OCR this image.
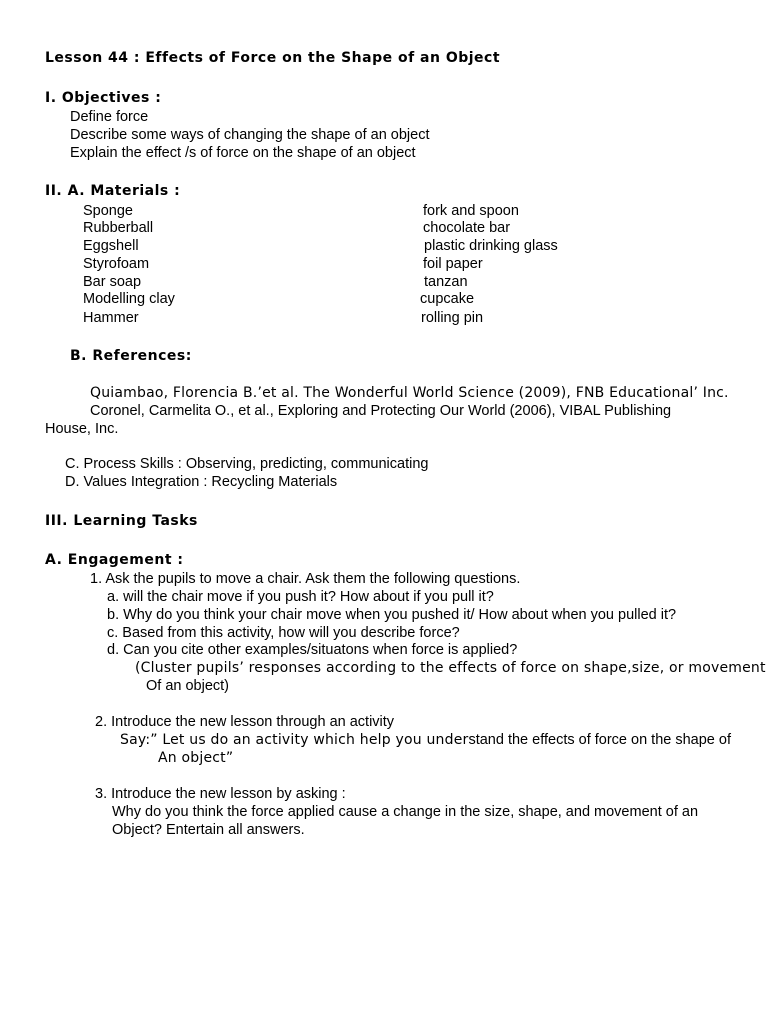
Lesson 44 : Effects of Force on the Shape of an Object
I. Objectives :
Define force
Describe some ways of changing the shape of an object
Explain the effect /s of force on the shape of an object
II. A. Materials :
Sponge
Rubberball
Eggshell
Styrofoam
Bar soap
Modelling clay
Hammer
fork and spoon
chocolate bar
plastic drinking glass
foil paper
tanzan
cupcake
rolling pin
B. References:
Quiambao, Florencia B.’et al. The Wonderful World Science (2009), FNB Educational’ Inc.
Coronel, Carmelita O., et al., Exploring and Protecting Our World (2006), VIBAL Publishing
House, Inc.
C. Process Skills : Observing, predicting, communicating
D. Values Integration : Recycling Materials
III. Learning Tasks
A. Engagement :
1. Ask the pupils to move a chair. Ask them the following questions.
a. will the chair move if you push it? How about if you pull it?
b. Why do you think your chair move when you pushed it/ How about when you pulled it?
c. Based from this activity, how will you describe force?
d. Can you cite other examples/situatons when force is applied?
(Cluster pupils’ responses according to the effects of force on shape,size, or movement
Of an object)
2. Introduce the new lesson through an activity
Say:” Let us do an activity which help you understand the effects of force on the shape of
An object”
3. Introduce the new lesson by asking :
Why do you think the force applied cause a change in the size, shape, and movement of an
Object? Entertain all answers.
